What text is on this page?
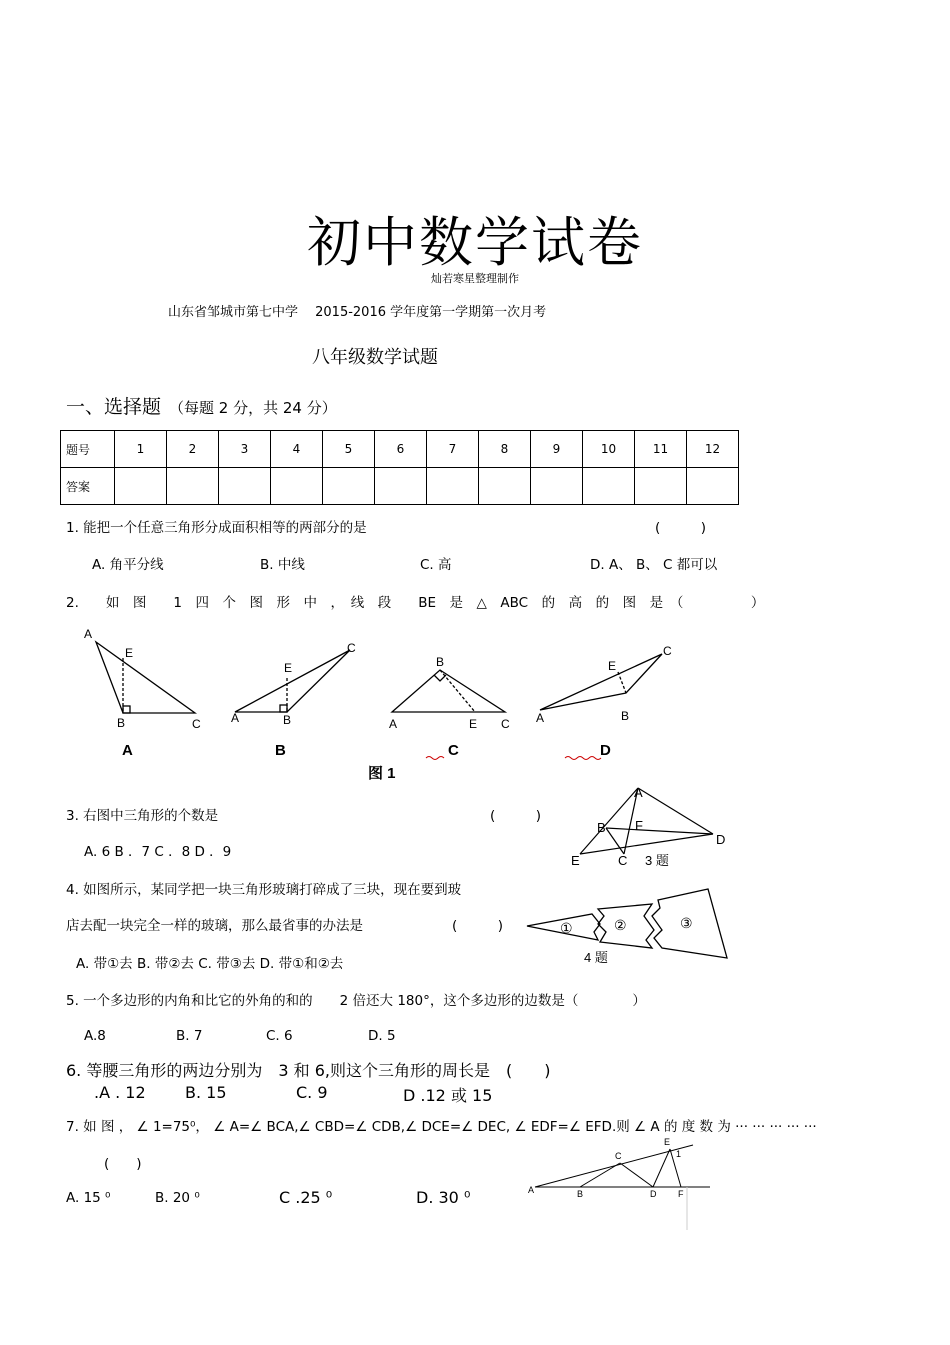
初中数学试卷
灿若寒星整理制作
山东省邹城市第七中学　 2015-2016 学年度第一学期第一次月考
八年级数学试题
一、选择题 （每题 2 分，共 24 分）
题号	1	2	3	4	5	6	7	8	9	10	11	12
答案												
1. 能把一个任意三角形分成面积相等的两部分的是	(　　　)
A. 角平分线	B. 中线	C. 高	D. A、 B、 C 都可以
2.　　如　图　　1　四　个　图　形　中　，　线　段　　BE　是　△　ABC　的　高　的　图　是　（　　　　　）
A
E
B	C	A	B
E
C
B
A	E C A	B
E
C
A	B	C	D
图 1
3. 右图中三角形的个数是	(　　　)
A. 6 B ．7 C ．8 D ．9
A
B F
D
E	C 3 题
4. 如图所示，某同学把一块三角形玻璃打碎成了三块，现在要到玻
店去配一块完全一样的玻璃，那么最省事的办法是	(　　　)
A. 带①去 B. 带②去 C. 带③去 D. 带①和②去
①	②	③
4 题
5. 一个多边形的内角和比它的外角的和的　　2 倍还大 180°，这个多边形的边数是（　　　　）
A.8	B. 7	C. 6	D. 5
6. 等腰三角形的两边分别为　3 和 6,则这个三角形的周长是　(　　)
.A . 12 B. 15	C. 9	D .12 或 15
7. 如 图 ， ∠ 1=75⁰， ∠ A=∠ BCA,∠ CBD=∠ CDB,∠ DCE=∠ DEC, ∠ EDF=∠ EFD.则 ∠ A 的 度 数 为 ··· ··· ··· ··· ···
(　　)
A. 15 ⁰	B. 20 ⁰	C .25 ⁰	D. 30 ⁰	A	B
C
D
E
1
F
